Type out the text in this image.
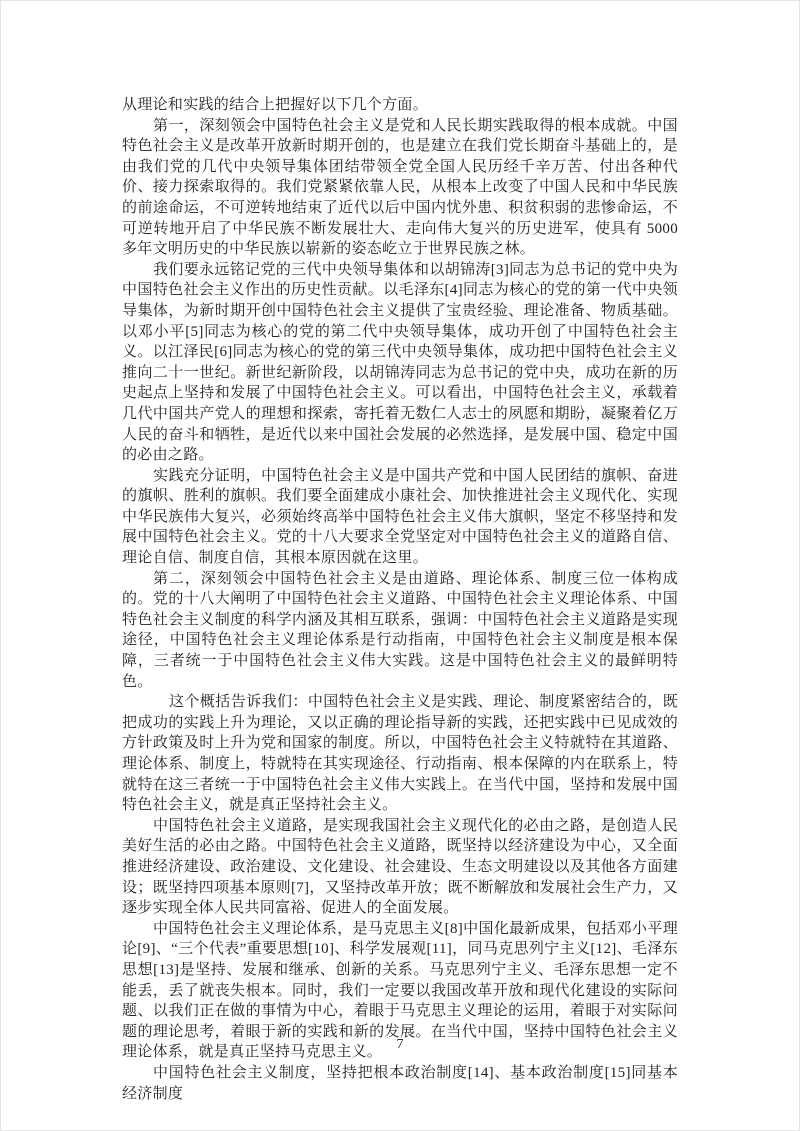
从理论和实践的结合上把握好以下几个方面。

第一，深刻领会中国特色社会主义是党和人民长期实践取得的根本成就。中国特色社会主义是改革开放新时期开创的，也是建立在我们党长期奋斗基础上的，是由我们党的几代中央领导集体团结带领全党全国人民历经千辛万苦、付出各种代价、接力探索取得的。我们党紧紧依靠人民，从根本上改变了中国人民和中华民族的前途命运，不可逆转地结束了近代以后中国内忧外患、积贫积弱的悲惨命运，不可逆转地开启了中华民族不断发展壮大、走向伟大复兴的历史进军，使具有 5000 多年文明历史的中华民族以崭新的姿态屹立于世界民族之林。

我们要永远铭记党的三代中央领导集体和以胡锦涛[3]同志为总书记的党中央为中国特色社会主义作出的历史性贡献。以毛泽东[4]同志为核心的党的第一代中央领导集体，为新时期开创中国特色社会主义提供了宝贵经验、理论准备、物质基础。以邓小平[5]同志为核心的党的第二代中央领导集体，成功开创了中国特色社会主义。以江泽民[6]同志为核心的党的第三代中央领导集体，成功把中国特色社会主义推向二十一世纪。新世纪新阶段，以胡锦涛同志为总书记的党中央，成功在新的历史起点上坚持和发展了中国特色社会主义。可以看出，中国特色社会主义，承载着几代中国共产党人的理想和探索，寄托着无数仁人志士的夙愿和期盼，凝聚着亿万人民的奋斗和牺牲，是近代以来中国社会发展的必然选择，是发展中国、稳定中国的必由之路。

实践充分证明，中国特色社会主义是中国共产党和中国人民团结的旗帜、奋进的旗帜、胜利的旗帜。我们要全面建成小康社会、加快推进社会主义现代化、实现中华民族伟大复兴，必须始终高举中国特色社会主义伟大旗帜，坚定不移坚持和发展中国特色社会主义。党的十八大要求全党坚定对中国特色社会主义的道路自信、理论自信、制度自信，其根本原因就在这里。

第二，深刻领会中国特色社会主义是由道路、理论体系、制度三位一体构成的。党的十八大阐明了中国特色社会主义道路、中国特色社会主义理论体系、中国特色社会主义制度的科学内涵及其相互联系，强调：中国特色社会主义道路是实现途径，中国特色社会主义理论体系是行动指南，中国特色社会主义制度是根本保障，三者统一于中国特色社会主义伟大实践。这是中国特色社会主义的最鲜明特色。

这个概括告诉我们：中国特色社会主义是实践、理论、制度紧密结合的，既把成功的实践上升为理论，又以正确的理论指导新的实践，还把实践中已见成效的方针政策及时上升为党和国家的制度。所以，中国特色社会主义特就特在其道路、理论体系、制度上，特就特在其实现途径、行动指南、根本保障的内在联系上，特就特在这三者统一于中国特色社会主义伟大实践上。在当代中国，坚持和发展中国特色社会主义，就是真正坚持社会主义。

中国特色社会主义道路，是实现我国社会主义现代化的必由之路，是创造人民美好生活的必由之路。中国特色社会主义道路，既坚持以经济建设为中心，又全面推进经济建设、政治建设、文化建设、社会建设、生态文明建设以及其他各方面建设；既坚持四项基本原则[7]，又坚持改革开放；既不断解放和发展社会生产力，又逐步实现全体人民共同富裕、促进人的全面发展。

中国特色社会主义理论体系，是马克思主义[8]中国化最新成果，包括邓小平理论[9]、“三个代表”重要思想[10]、科学发展观[11]，同马克思列宁主义[12]、毛泽东思想[13]是坚持、发展和继承、创新的关系。马克思列宁主义、毛泽东思想一定不能丢，丢了就丧失根本。同时，我们一定要以我国改革开放和现代化建设的实际问题、以我们正在做的事情为中心，着眼于马克思主义理论的运用，着眼于对实际问题的理论思考，着眼于新的实践和新的发展。在当代中国，坚持中国特色社会主义理论体系，就是真正坚持马克思主义。

中国特色社会主义制度，坚持把根本政治制度[14]、基本政治制度[15]同基本经济制度

7
